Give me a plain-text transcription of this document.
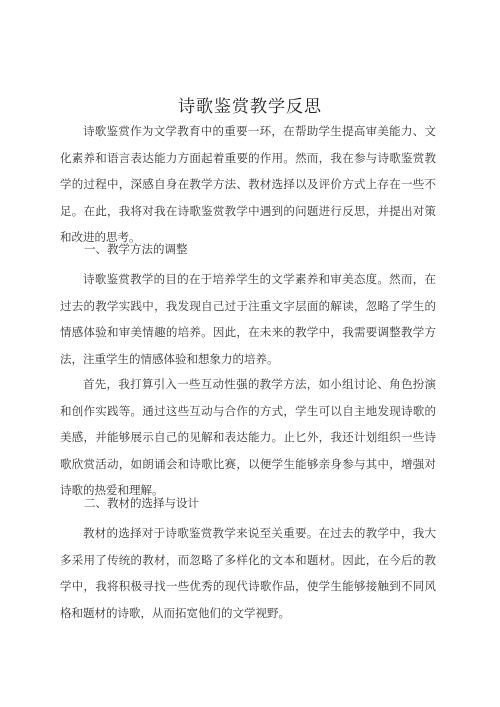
诗歌鉴赏教学反思

诗歌鉴赏作为文学教育中的重要一环，在帮助学生提高审美能力、文化素养和语言表达能力方面起着重要的作用。然而，我在参与诗歌鉴赏教学的过程中，深感自身在教学方法、教材选择以及评价方式上存在一些不足。在此，我将对我在诗歌鉴赏教学中遇到的问题进行反思，并提出对策和改进的思考。

一、教学方法的调整

诗歌鉴赏教学的目的在于培养学生的文学素养和审美态度。然而，在过去的教学实践中，我发现自己过于注重文字层面的解读，忽略了学生的情感体验和审美情趣的培养。因此，在未来的教学中，我需要调整教学方法，注重学生的情感体验和想象力的培养。

首先，我打算引入一些互动性强的教学方法，如小组讨论、角色扮演和创作实践等。通过这些互动与合作的方式，学生可以自主地发现诗歌的美感，并能够展示自己的见解和表达能力。止匕外，我还计划组织一些诗歌欣赏活动，如朗诵会和诗歌比赛，以便学生能够亲身参与其中，增强对诗歌的热爱和理解。

二、教材的选择与设计

教材的选择对于诗歌鉴赏教学来说至关重要。在过去的教学中，我大多采用了传统的教材，而忽略了多样化的文本和题材。因此，在今后的教学中，我将积极寻找一些优秀的现代诗歌作品，使学生能够接触到不同风格和题材的诗歌，从而拓宽他们的文学视野。
